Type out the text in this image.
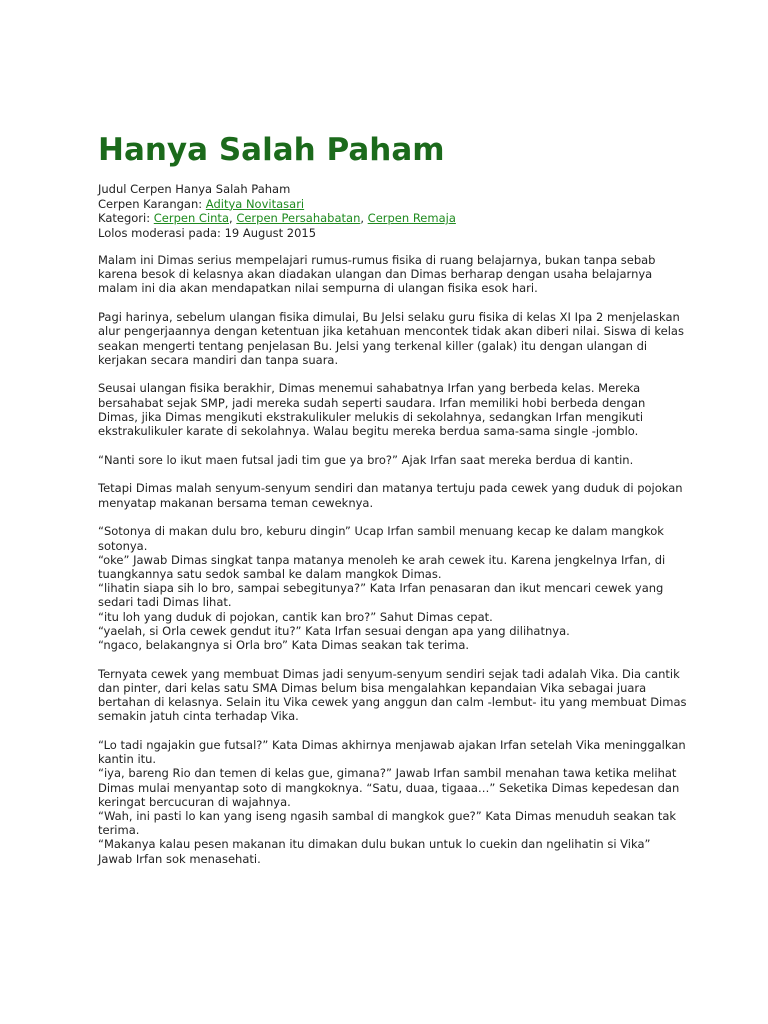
Hanya Salah Paham
Judul Cerpen Hanya Salah Paham
Cerpen Karangan: Aditya Novitasari
Kategori: Cerpen Cinta, Cerpen Persahabatan, Cerpen Remaja
Lolos moderasi pada: 19 August 2015

Malam ini Dimas serius mempelajari rumus-rumus fisika di ruang belajarnya, bukan tanpa sebab karena besok di kelasnya akan diadakan ulangan dan Dimas berharap dengan usaha belajarnya malam ini dia akan mendapatkan nilai sempurna di ulangan fisika esok hari.

Pagi harinya, sebelum ulangan fisika dimulai, Bu Jelsi selaku guru fisika di kelas XI Ipa 2 menjelaskan alur pengerjaannya dengan ketentuan jika ketahuan mencontek tidak akan diberi nilai. Siswa di kelas seakan mengerti tentang penjelasan Bu. Jelsi yang terkenal killer (galak) itu dengan ulangan di kerjakan secara mandiri dan tanpa suara.

Seusai ulangan fisika berakhir, Dimas menemui sahabatnya Irfan yang berbeda kelas. Mereka bersahabat sejak SMP, jadi mereka sudah seperti saudara. Irfan memiliki hobi berbeda dengan Dimas, jika Dimas mengikuti ekstrakulikuler melukis di sekolahnya, sedangkan Irfan mengikuti ekstrakulikuler karate di sekolahnya. Walau begitu mereka berdua sama-sama single -jomblo.

“Nanti sore lo ikut maen futsal jadi tim gue ya bro?” Ajak Irfan saat mereka berdua di kantin.

Tetapi Dimas malah senyum-senyum sendiri dan matanya tertuju pada cewek yang duduk di pojokan menyatap makanan bersama teman ceweknya.

“Sotonya di makan dulu bro, keburu dingin” Ucap Irfan sambil menuang kecap ke dalam mangkok sotonya.
“oke” Jawab Dimas singkat tanpa matanya menoleh ke arah cewek itu. Karena jengkelnya Irfan, di tuangkannya satu sedok sambal ke dalam mangkok Dimas.
“lihatin siapa sih lo bro, sampai sebegitunya?” Kata Irfan penasaran dan ikut mencari cewek yang sedari tadi Dimas lihat.
“itu loh yang duduk di pojokan, cantik kan bro?” Sahut Dimas cepat.
“yaelah, si Orla cewek gendut itu?” Kata Irfan sesuai dengan apa yang dilihatnya.
“ngaco, belakangnya si Orla bro” Kata Dimas seakan tak terima.

Ternyata cewek yang membuat Dimas jadi senyum-senyum sendiri sejak tadi adalah Vika. Dia cantik dan pinter, dari kelas satu SMA Dimas belum bisa mengalahkan kepandaian Vika sebagai juara bertahan di kelasnya. Selain itu Vika cewek yang anggun dan calm -lembut- itu yang membuat Dimas semakin jatuh cinta terhadap Vika.

“Lo tadi ngajakin gue futsal?” Kata Dimas akhirnya menjawab ajakan Irfan setelah Vika meninggalkan kantin itu.
“iya, bareng Rio dan temen di kelas gue, gimana?” Jawab Irfan sambil menahan tawa ketika melihat Dimas mulai menyantap soto di mangkoknya. “Satu, duaa, tigaaa…” Seketika Dimas kepedesan dan keringat bercucuran di wajahnya.
“Wah, ini pasti lo kan yang iseng ngasih sambal di mangkok gue?” Kata Dimas menuduh seakan tak terima.
“Makanya kalau pesen makanan itu dimakan dulu bukan untuk lo cuekin dan ngelihatin si Vika” Jawab Irfan sok menasehati.
